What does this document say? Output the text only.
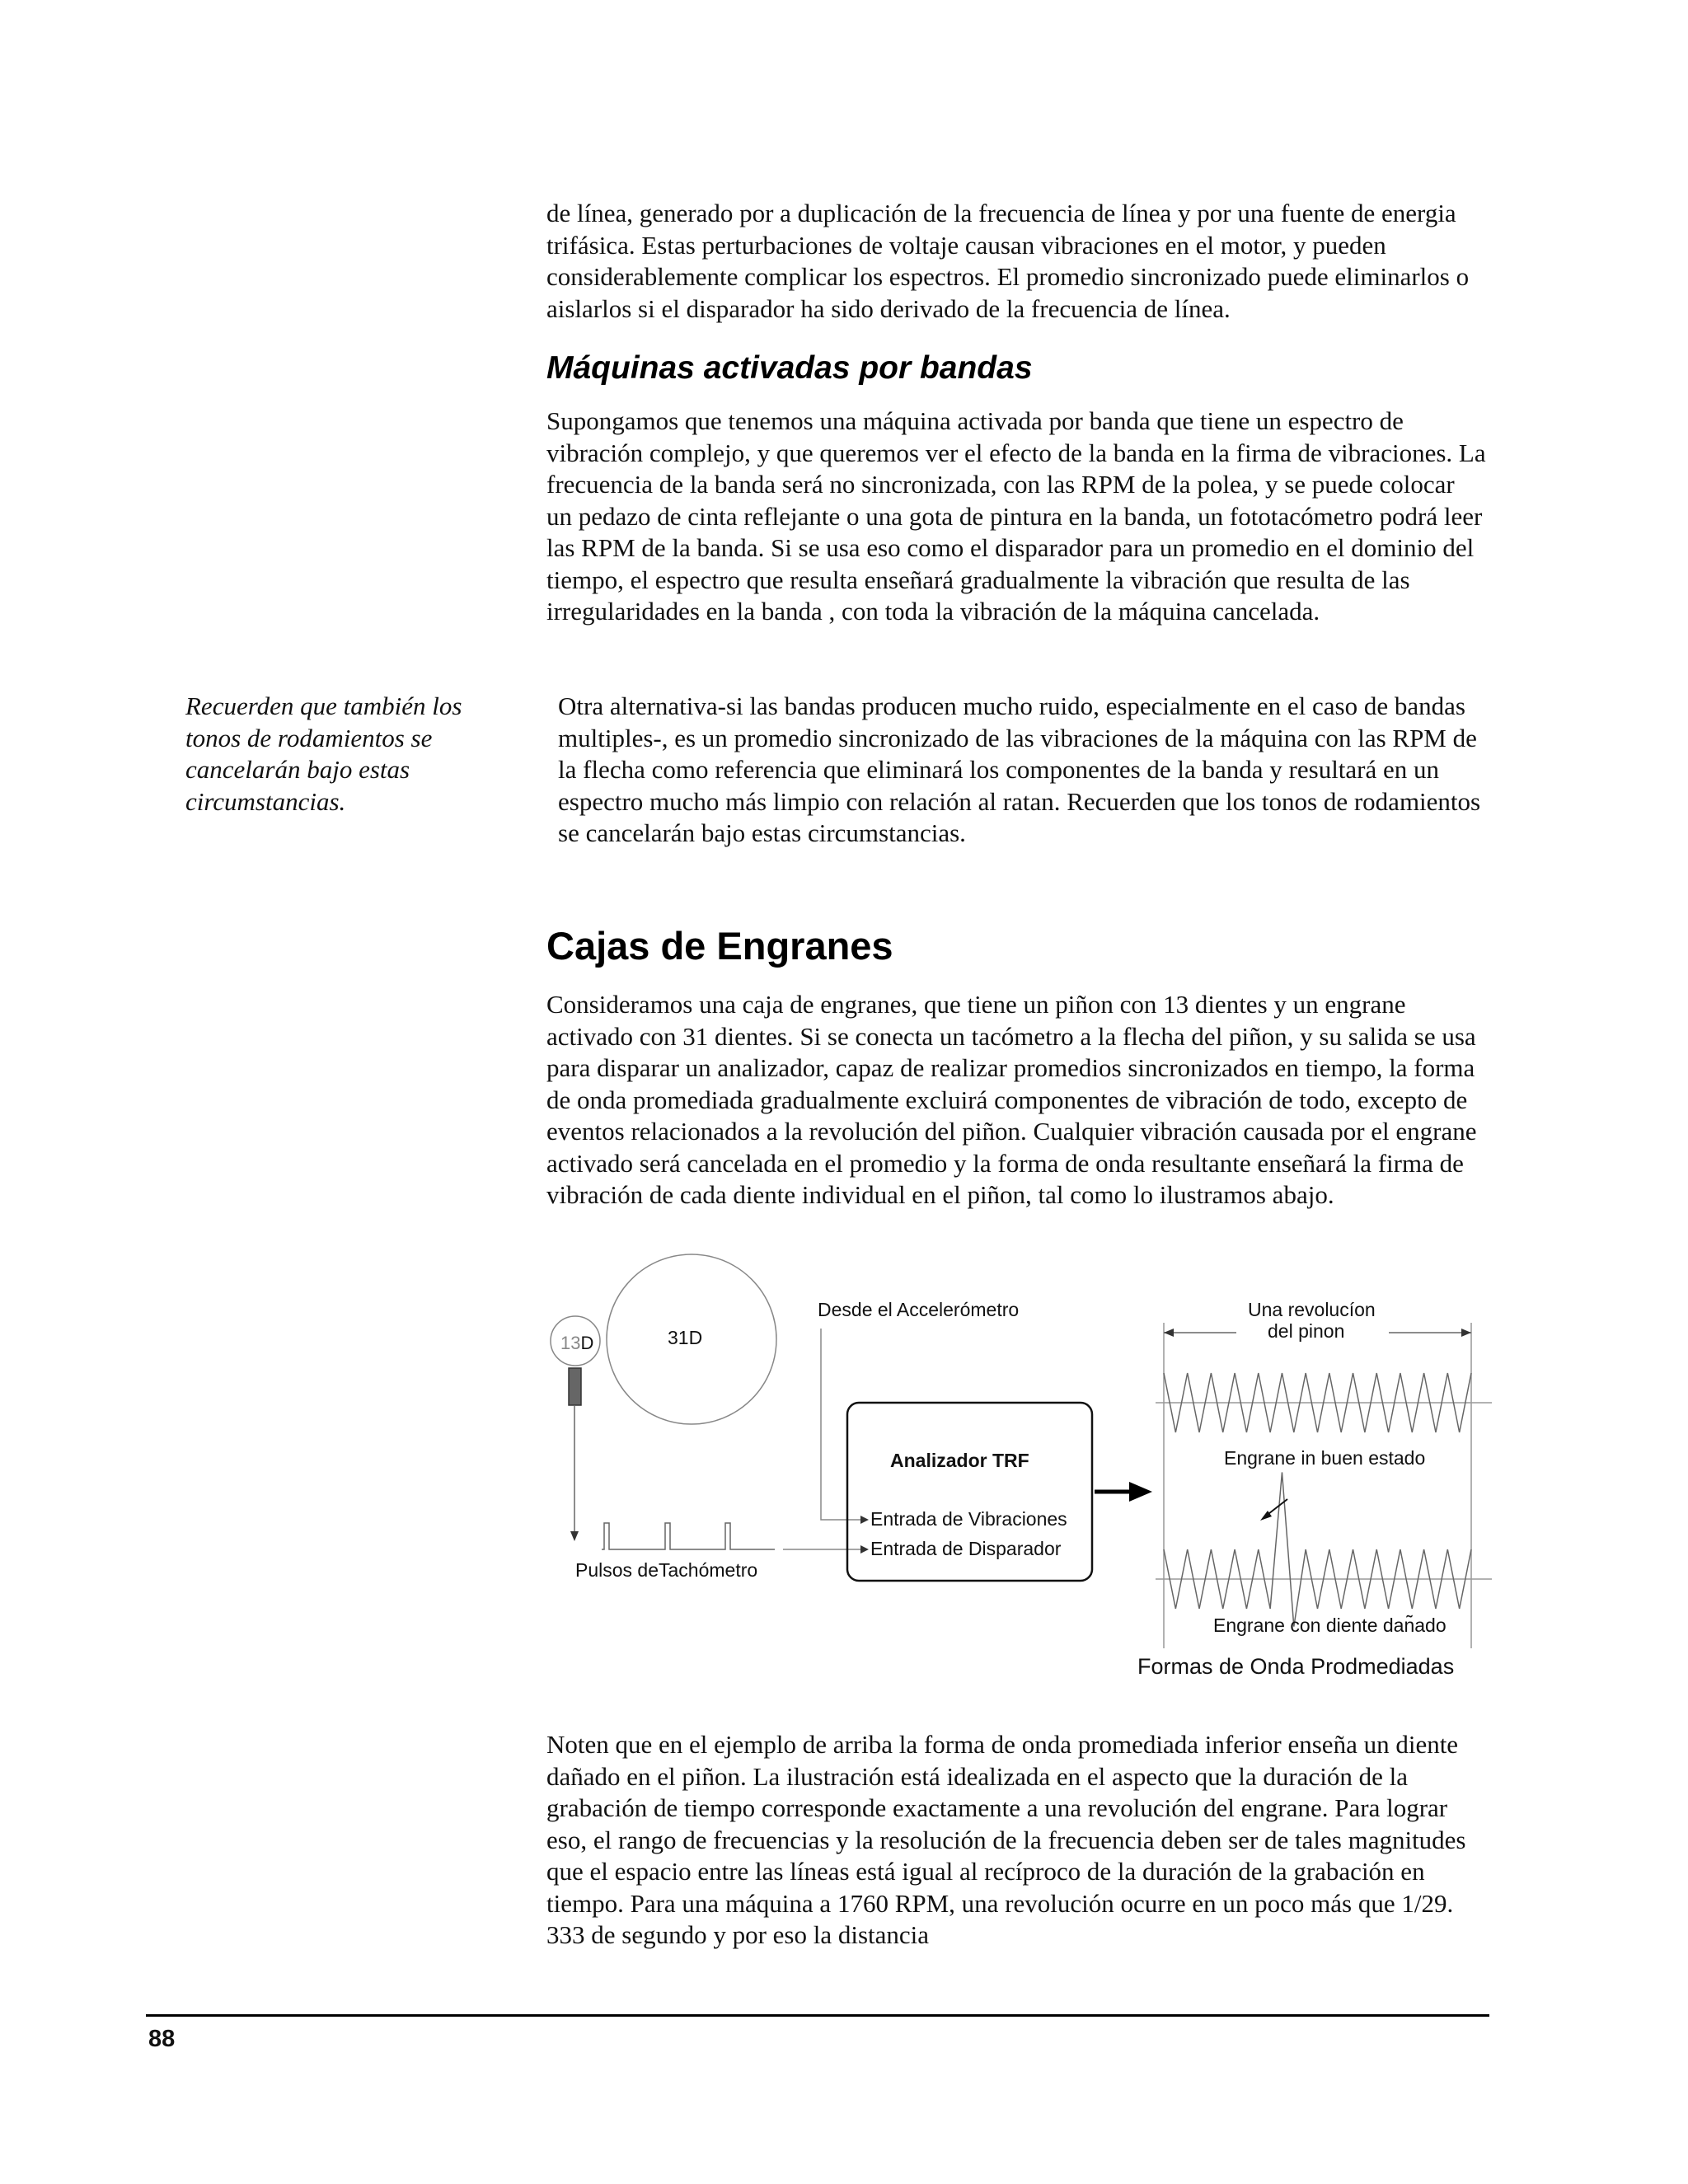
de línea, generado por a duplicación de la frecuencia de línea y por una fuente de energia trifásica. Estas perturbaciones de voltaje causan vibraciones en el motor, y pueden considerablemente complicar los espectros. El promedio sincronizado puede eliminarlos o aislarlos si el disparador ha sido derivado de la frecuencia de línea.

Máquinas activadas por bandas

Supongamos que tenemos una máquina activada por banda que tiene un espectro de vibración complejo, y que queremos ver el efecto de la banda en la firma de vibraciones. La frecuencia de la banda será no sincronizada, con las RPM de la polea, y se puede colocar un pedazo de cinta reflejante o una gota de pintura en la banda, un fototacómetro podrá leer las RPM de la banda. Si se usa eso como el disparador para un promedio en el dominio del tiempo, el espectro que resulta enseñará gradualmente la vibración que resulta de las irregularidades en la banda , con toda la vibración de la máquina cancelada.

Recuerden que también los tonos de rodamientos se cancelarán bajo estas circumstancias.

Otra alternativa-si las bandas producen mucho ruido, especialmente en el caso de bandas multiples-, es un promedio sincronizado de las vibraciones de la máquina con las RPM de la flecha como referencia que eliminará los componentes de la banda y resultará en un espectro mucho más limpio con relación al ratan. Recuerden que los tonos de rodamientos se cancelarán bajo estas circumstancias.

Cajas de Engranes

Consideramos una caja de engranes, que tiene un piñon con 13 dientes y un engrane activado con 31 dientes. Si se conecta un tacómetro a la flecha del piñon, y su salida se usa para disparar un analizador, capaz de realizar promedios sincronizados en tiempo, la forma de onda promediada gradualmente excluirá componentes de vibración de todo, excepto de eventos relacionados a la revolución del piñon. Cualquier vibración causada por el engrane activado será cancelada en el promedio y la forma de onda resultante enseñará la firma de vibración de cada diente individual en el piñon, tal como lo ilustramos abajo.

13D	31D
Pulsos deTachómetro
Desde el Accelerómetro
Analizador TRF
Entrada de Vibraciones
Entrada de Disparador
Una revolucíon
del pinon
Engrane in buen estado
Engrane con diente dan͂ado
Formas de Onda Prodmediadas

Noten que en el ejemplo de arriba la forma de onda promediada inferior enseña un diente dañado en el piñon. La ilustración está idealizada en el aspecto que la duración de la grabación de tiempo corresponde exactamente a una revolución del engrane. Para lograr eso, el rango de frecuencias y la resolución de la frecuencia deben ser de tales magnitudes que el espacio entre las líneas está igual al recíproco de la duración de la grabación en tiempo. Para una máquina a 1760 RPM, una revolución ocurre en un poco más que 1/29. 333 de segundo y por eso la distancia

88
